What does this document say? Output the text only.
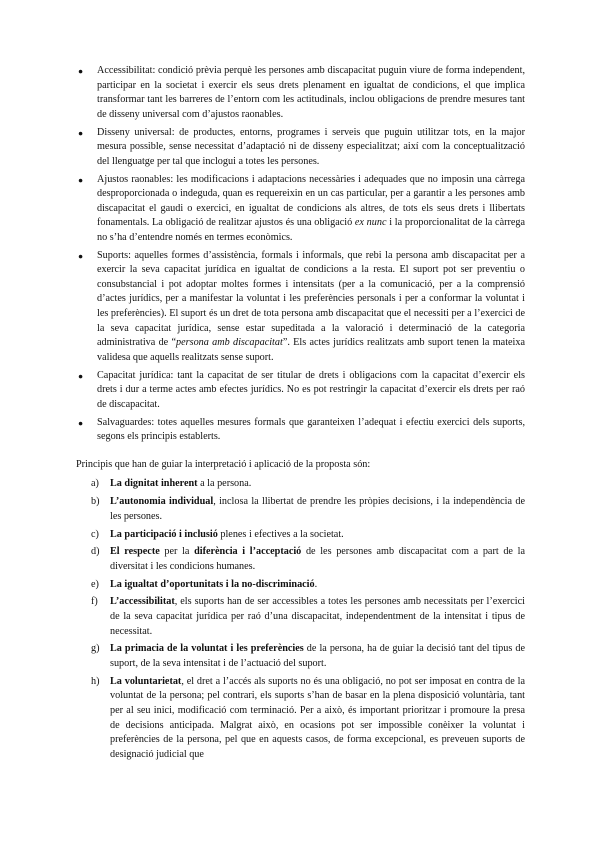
● Accessibilitat: condició prèvia perquè les persones amb discapacitat puguin viure de forma independent, participar en la societat i exercir els seus drets plenament en igualtat de condicions, el que implica transformar tant les barreres de l’entorn com les actitudinals, inclou obligacions de prendre mesures tant de disseny universal com d’ajustos raonables.
● Disseny universal: de productes, entorns, programes i serveis que puguin utilitzar tots, en la major mesura possible, sense necessitat d’adaptació ni de disseny especialitzat; així com la conceptualització del llenguatge per tal que inclogui a totes les persones.
● Ajustos raonables: les modificacions i adaptacions necessàries i adequades que no imposin una càrrega desproporcionada o indeguda, quan es requereixin en un cas particular, per a garantir a les persones amb discapacitat el gaudi o exercici, en igualtat de condicions als altres, de tots els seus drets i llibertats fonamentals. La obligació de realitzar ajustos és una obligació ex nunc i la proporcionalitat de la càrrega no s’ha d’entendre només en termes econòmics.
● Suports: aquelles formes d’assistència, formals i informals, que rebi la persona amb discapacitat per a exercir la seva capacitat jurídica en igualtat de condicions a la resta. El suport pot ser preventiu o consubstancial i pot adoptar moltes formes i intensitats (per a la comunicació, per a la comprensió d’actes jurídics, per a manifestar la voluntat i les preferències personals i per a conformar la voluntat i les preferències). El suport és un dret de tota persona amb discapacitat que el necessiti per a l’exercici de la seva capacitat jurídica, sense estar supeditada a la valoració i determinació de la categoria administrativa de “persona amb discapacitat”. Els actes jurídics realitzats amb suport tenen la mateixa validesa que aquells realitzats sense suport.
● Capacitat jurídica: tant la capacitat de ser titular de drets i obligacions com la capacitat d’exercir els drets i dur a terme actes amb efectes jurídics. No es pot restringir la capacitat d’exercir els drets per raó de discapacitat.
● Salvaguardes: totes aquelles mesures formals que garanteixen l’adequat i efectiu exercici dels suports, segons els principis establerts.

Principis que han de guiar la interpretació i aplicació de la proposta són:

a) La dignitat inherent a la persona.
b) L’autonomia individual, inclosa la llibertat de prendre les pròpies decisions, i la independència de les persones.
c) La participació i inclusió plenes i efectives a la societat.
d) El respecte per la diferència i l’acceptació de les persones amb discapacitat com a part de la diversitat i les condicions humanes.
e) La igualtat d’oportunitats i la no-discriminació.
f) L’accessibilitat, els suports han de ser accessibles a totes les persones amb necessitats per l’exercici de la seva capacitat jurídica per raó d’una discapacitat, independentment de la intensitat i tipus de necessitat.
g) La primacia de la voluntat i les preferències de la persona, ha de guiar la decisió tant del tipus de suport, de la seva intensitat i de l’actuació del suport.
h) La voluntarietat, el dret a l’accés als suports no és una obligació, no pot ser imposat en contra de la voluntat de la persona; pel contrari, els suports s’han de basar en la plena disposició voluntària, tant per al seu inici, modificació com terminació. Per a això, és important prioritzar i promoure la presa de decisions anticipada. Malgrat això, en ocasions pot ser impossible conèixer la voluntat i preferències de la persona, pel que en aquests casos, de forma excepcional, es preveuen suports de designació judicial que
